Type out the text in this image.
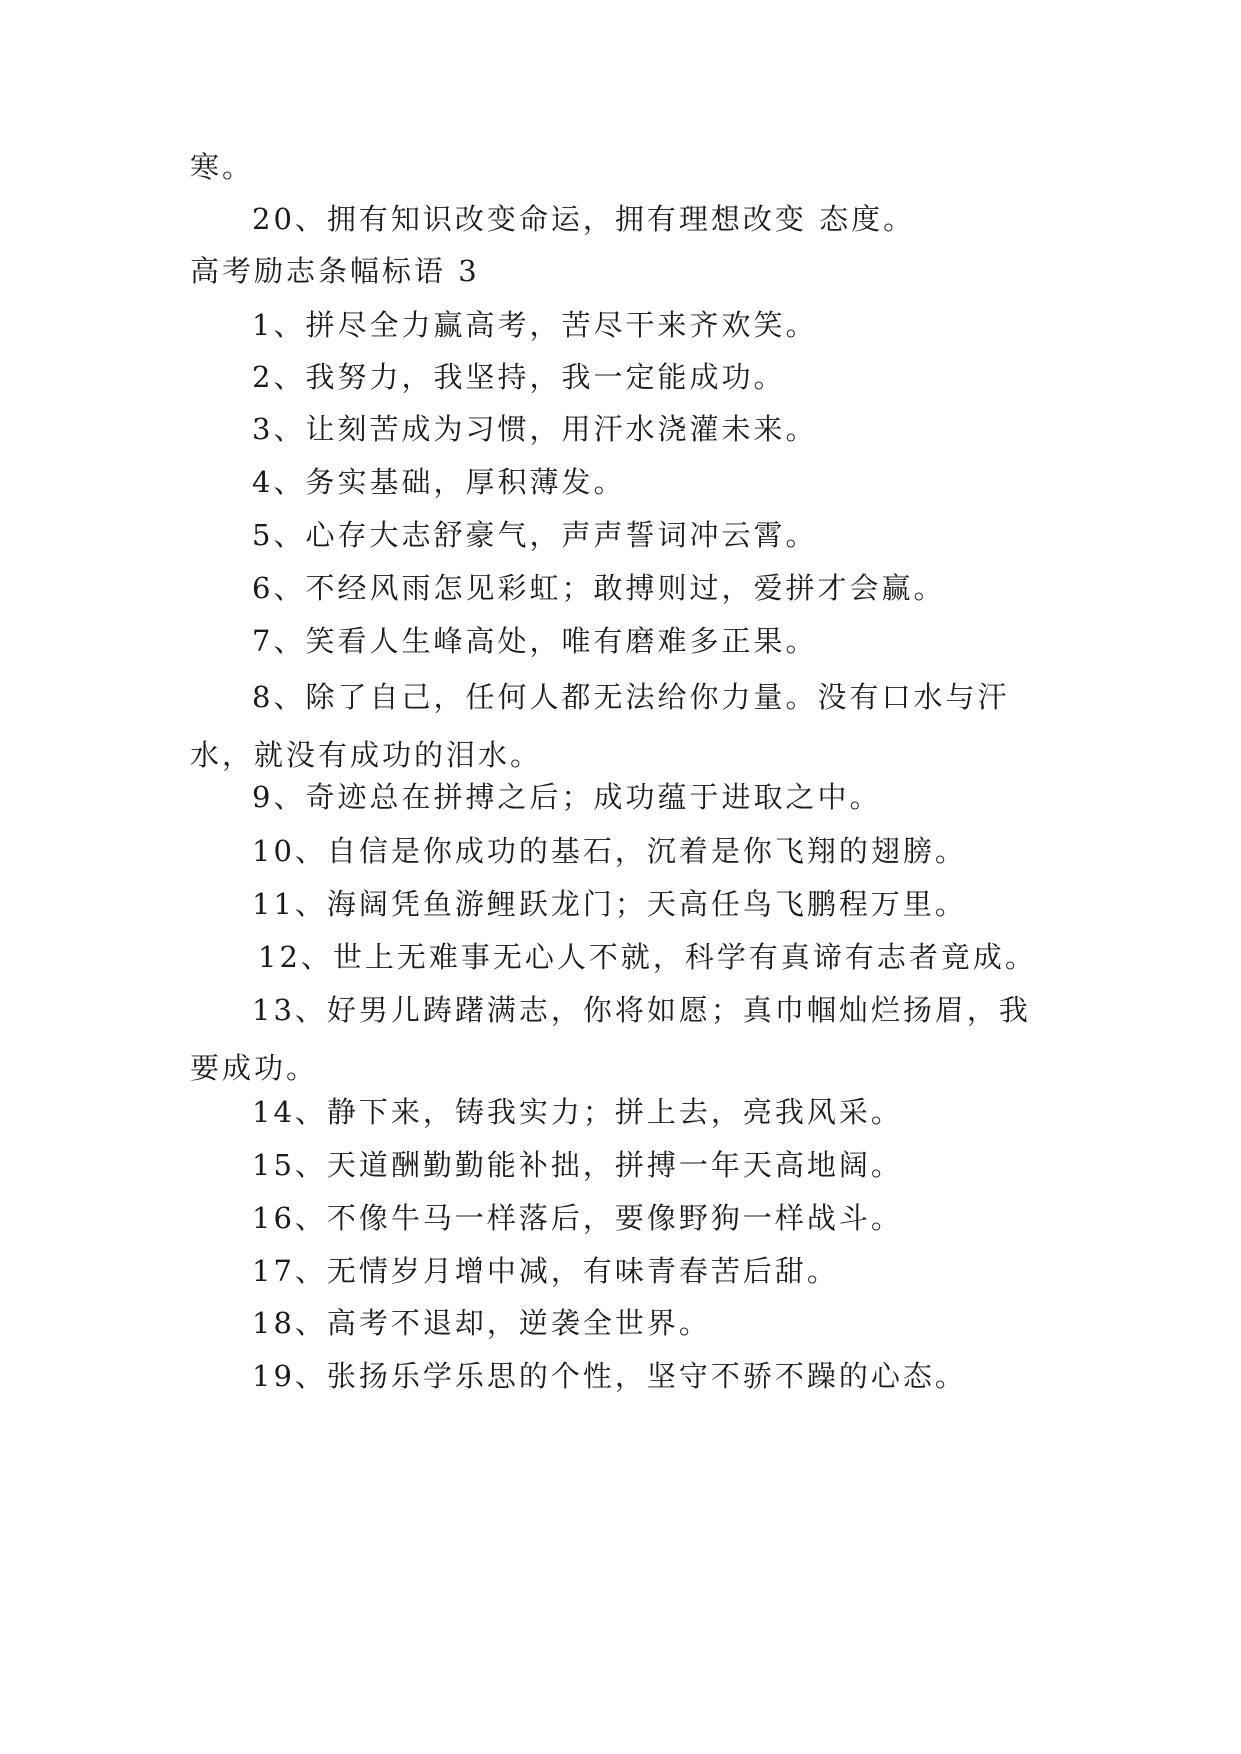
寒。
20、拥有知识改变命运，拥有理想改变 态度。
高考励志条幅标语 3
1、拼尽全力赢高考，苦尽干来齐欢笑。
2、我努力，我坚持，我一定能成功。
3、让刻苦成为习惯，用汗水浇灌未来。
4、务实基础，厚积薄发。
5、心存大志舒豪气，声声誓词冲云霄。
6、不经风雨怎见彩虹；敢搏则过，爱拼才会赢。
7、笑看人生峰高处，唯有磨难多正果。
8、除了自己，任何人都无法给你力量。没有口水与汗水，就没有成功的泪水。
9、奇迹总在拼搏之后；成功蕴于进取之中。
10、自信是你成功的基石，沉着是你飞翔的翅膀。
11、海阔凭鱼游鲤跃龙门；天高任鸟飞鹏程万里。
12、世上无难事无心人不就，科学有真谛有志者竟成。
13、好男儿踌躇满志，你将如愿；真巾帼灿烂扬眉，我要成功。
14、静下来，铸我实力；拼上去，亮我风采。
15、天道酬勤勤能补拙，拼搏一年天高地阔。
16、不像牛马一样落后，要像野狗一样战斗。
17、无情岁月增中减，有味青春苦后甜。
18、高考不退却，逆袭全世界。
19、张扬乐学乐思的个性，坚守不骄不躁的心态。
